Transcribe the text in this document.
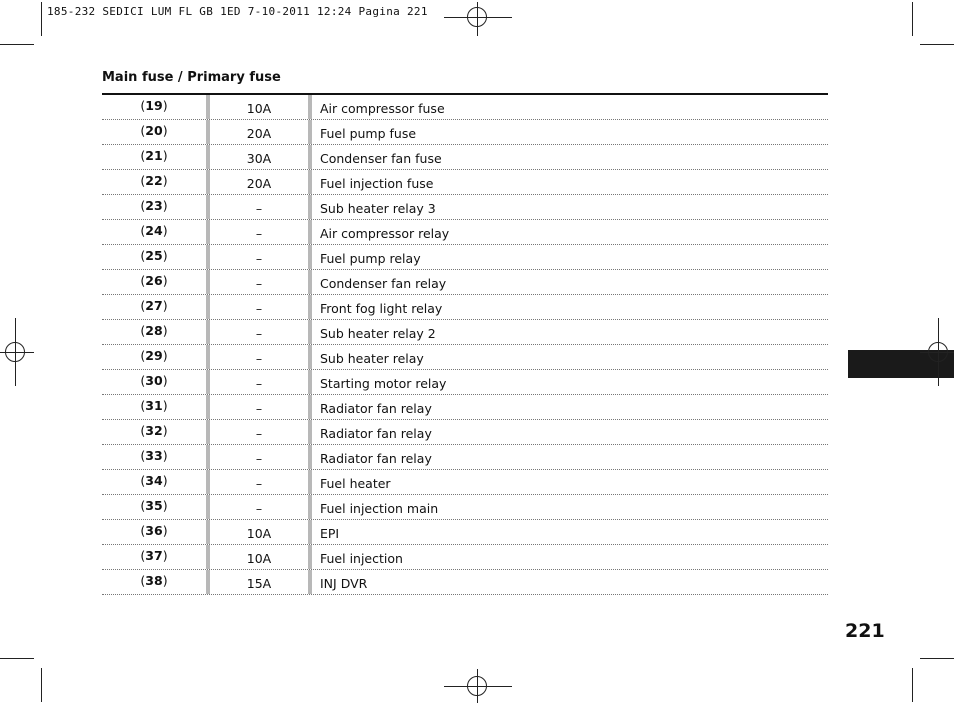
185-232 SEDICI LUM FL GB 1ED 7-10-2011 12:24 Pagina 221
Main fuse / Primary fuse
(19)	10A	Air compressor fuse
(20)	20A	Fuel pump fuse
(21)	30A	Condenser fan fuse
(22)	20A	Fuel injection fuse
(23)	–	Sub heater relay 3
(24)	–	Air compressor relay
(25)	–	Fuel pump relay
(26)	–	Condenser fan relay
(27)	–	Front fog light relay
(28)	–	Sub heater relay 2
(29)	–	Sub heater relay
(30)	–	Starting motor relay
(31)	–	Radiator fan relay
(32)	–	Radiator fan relay
(33)	–	Radiator fan relay
(34)	–	Fuel heater
(35)	–	Fuel injection main
(36)	10A	EPI
(37)	10A	Fuel injection
(38)	15A	INJ DVR
221
